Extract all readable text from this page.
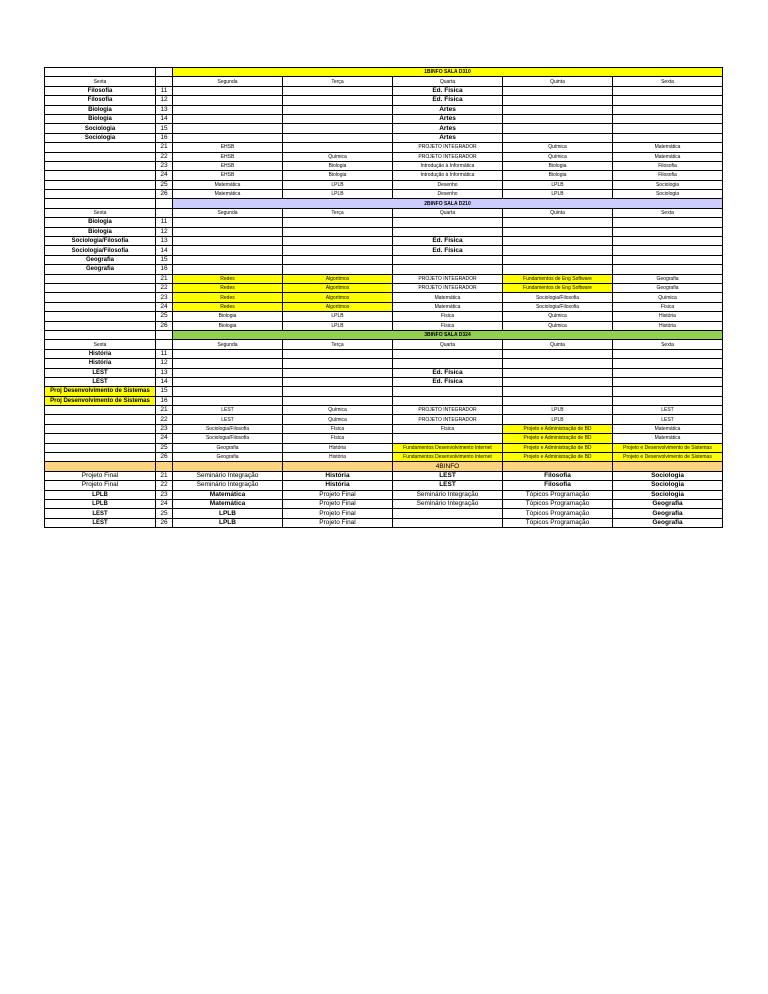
		1BINFO SALA D310				
Sexta		Segunda	Terça	Quarta	Quinta	Sexta
Filosofia	11			Ed. Física		
Filosofia	12			Ed. Física		
Biologia	13			Artes		
Biologia	14			Artes		
Sociologia	15			Artes		
Sociologia	16			Artes		
	21	EHSB		PROJETO INTEGRADOR	Química	Matemática
	22	EHSB	Química	PROJETO INTEGRADOR	Química	Matemática
	23	EHSB	Biologia	Introdução à Informática	Biologia	Filosofia
	24	EHSB	Biologia	Introdução à Informática	Biologia	Filosofia
	25	Matemática	LPLB	Desenho	LPLB	Sociologia
	26	Matemática	LPLB	Desenho	LPLB	Sociologia
		2BINFO SALA D210				
Sexta		Segunda	Terça	Quarta	Quinta	Sexta
Biologia	11					
Biologia	12					
Sociologia/Filosofia	13			Ed. Física		
Sociologia/Filosofia	14			Ed. Física		
Geografia	15					
Geografia	16					
	21	Redes	Algoritmos	PROJETO INTEGRADOR	Fundamentos de Eng Software	Geografia
	22	Redes	Algoritmos	PROJETO INTEGRADOR	Fundamentos de Eng Software	Geografia
	23	Redes	Algoritmos	Matemática	Sociologia/Filosofia	Química
	24	Redes	Algoritmos	Matemática	Sociologia/Filosofia	Física
	25	Biologia	LPLB	Física	Química	História
	26	Biologia	LPLB	Física	Química	História
		3BINFO SALA D324				
Sexta		Segunda	Terça	Quarta	Quinta	Sexta
História	11					
História	12					
LEST	13			Ed. Física		
LEST	14			Ed. Física		
Proj Desenvolvimento de Sistemas	15					
Proj Desenvolvimento de Sistemas	16					
	21	LEST	Química	PROJETO INTEGRADOR	LPLB	LEST
	22	LEST	Química	PROJETO INTEGRADOR	LPLB	LEST
	23	Sociologia/Filosofia	Física	Física	Projeto e Administração de BD	Matemática
	24	Sociologia/Filosofia	Física		Projeto e Administração de BD	Matemática
	25	Geografia	História	Fundamentos Desenvolvimento Internet	Projeto e Administração de BD	Projeto e Desenvolvimento de Sistemas
	26	Geografia	História	Fundamentos Desenvolvimento Internet	Projeto e Administração de BD	Projeto e Desenvolvimento de Sistemas
				4BINFO		
Projeto Final	21	Seminário Integração	História	LEST	Filosofia	Sociologia
Projeto Final	22	Seminário Integração	História	LEST	Filosofia	Sociologia
LPLB	23	Matemática	Projeto Final	Seminário Integração	Tópicos Programação	Sociologia
LPLB	24	Matemática	Projeto Final	Seminário Integração	Tópicos Programação	Geografia
LEST	25	LPLB	Projeto Final		Tópicos Programação	Geografia
LEST	26	LPLB	Projeto Final		Tópicos Programação	Geografia
